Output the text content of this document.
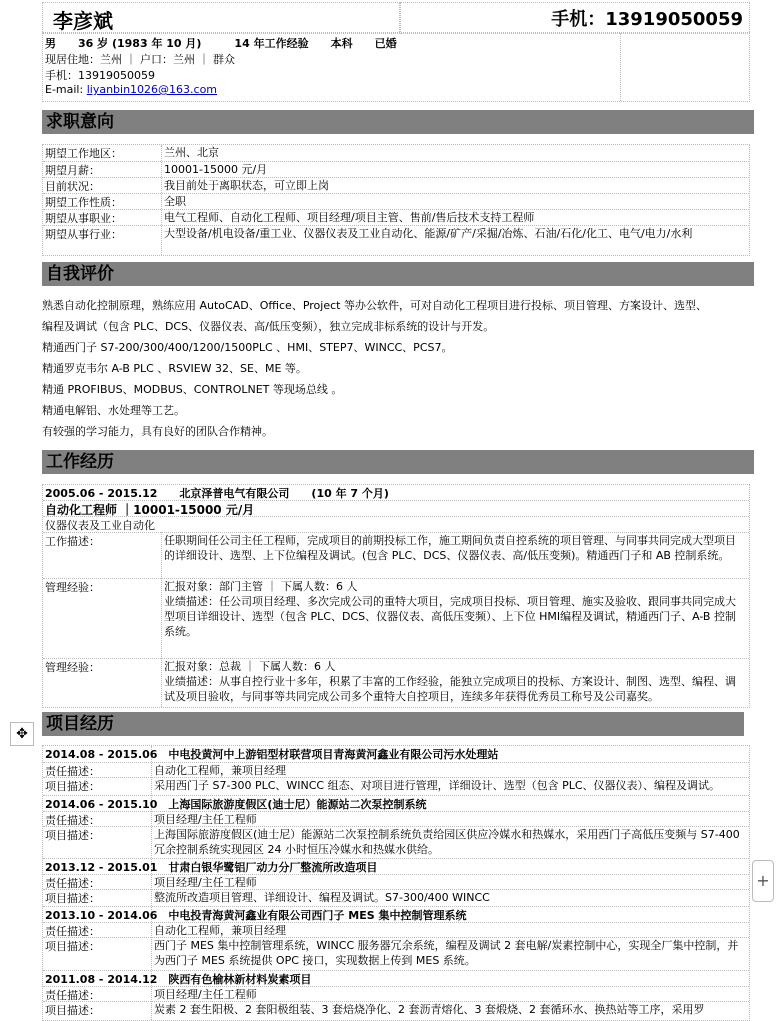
李彦斌	手机：13919050059
男　　36 岁 (1983 年 10 月)　　　14 年工作经验　　本科　　已婚
现居住地：兰州 ｜ 户口：兰州 ｜ 群众
手机：13919050059
E-mail: liyanbin1026@163.com
求职意向
期望工作地区：	兰州、北京
期望月薪：	10001-15000 元/月
目前状况：	我目前处于离职状态，可立即上岗
期望工作性质：	全职
期望从事职业：	电气工程师、自动化工程师、项目经理/项目主管、售前/售后技术支持工程师
期望从事行业：	大型设备/机电设备/重工业、仪器仪表及工业自动化、能源/矿产/采掘/冶炼、石油/石化/化工、电气/电力/水利
自我评价
熟悉自动化控制原理，熟练应用 AutoCAD、Office、Project 等办公软件，可对自动化工程项目进行投标、项目管理、方案设计、选型、
编程及调试（包含 PLC、DCS、仪器仪表、高/低压变频），独立完成非标系统的设计与开发。
精通西门子 S7-200/300/400/1200/1500PLC 、HMI、STEP7、WINCC、PCS7。
精通罗克韦尔 A-B PLC 、RSVIEW 32、SE、ME 等。
精通 PROFIBUS、MODBUS、CONTROLNET 等现场总线 。
精通电解铝、水处理等工艺。
有较强的学习能力，具有良好的团队合作精神。
工作经历
2005.06 - 2015.12　　北京泽普电气有限公司　　(10 年 7 个月)
自动化工程师 ｜10001-15000 元/月
仪器仪表及工业自动化
工作描述：	任职期间任公司主任工程师，完成项目的前期投标工作，施工期间负责自控系统的项目管理、与同事共同完成大型项目的详细设计、选型、上下位编程及调试。(包含 PLC、DCS、仪器仪表、高/低压变频)。精通西门子和 AB 控制系统。
管理经验：	汇报对象：部门主管 ｜ 下属人数：6 人
业绩描述：任公司项目经理、多次完成公司的重特大项目，完成项目投标、项目管理、施实及验收、跟同事共同完成大型项目详细设计、选型（包含 PLC、DCS、仪器仪表、高低压变频）、上下位 HMI编程及调试，精通西门子、A-B 控制系统。
管理经验：	汇报对象：总裁 ｜ 下属人数：6 人
业绩描述：从事自控行业十多年，积累了丰富的工作经验，能独立完成项目的投标、方案设计、制图、选型、编程、调试及项目验收，与同事等共同完成公司多个重特大自控项目，连续多年获得优秀员工称号及公司嘉奖。
✥	项目经历
2014.08 - 2015.06　中电投黄河中上游铝型材联营项目青海黄河鑫业有限公司污水处理站
责任描述：	自动化工程师，兼项目经理
项目描述：	采用西门子 S7-300 PLC、WINCC 组态、对项目进行管理，详细设计、选型（包含 PLC、仪器仪表）、编程及调试。
2014.06 - 2015.10　上海国际旅游度假区(迪士尼）能源站二次泵控制系统
责任描述：	项目经理/主任工程师
项目描述：	上海国际旅游度假区(迪士尼）能源站二次泵控制系统负责给园区供应冷媒水和热媒水，采用西门子高低压变频与 S7-400 冗余控制系统实现园区 24 小时恒压冷媒水和热媒水供给。
2013.12 - 2015.01　甘肃白银华鹭铝厂动力分厂整流所改造项目
责任描述：	项目经理/主任工程师
项目描述：	整流所改造项目管理、详细设计、编程及调试。S7-300/400 WINCC
2013.10 - 2014.06　中电投青海黄河鑫业有限公司西门子 MES 集中控制管理系统
责任描述：	自动化工程师，兼项目经理
项目描述：	西门子 MES 集中控制管理系统，WINCC 服务器冗余系统，编程及调试 2 套电解/炭素控制中心，实现全厂集中控制，并为西门子 MES 系统提供 OPC 接口，实现数据上传到 MES 系统。
2011.08 - 2014.12　陕西有色榆林新材料炭素项目
责任描述：	项目经理/主任工程师
项目描述：	炭素 2 套生阳极、2 套阳极组装、3 套焙烧净化、2 套沥青熔化、3 套煅烧、2 套循环水、换热站等工序，采用罗
+
